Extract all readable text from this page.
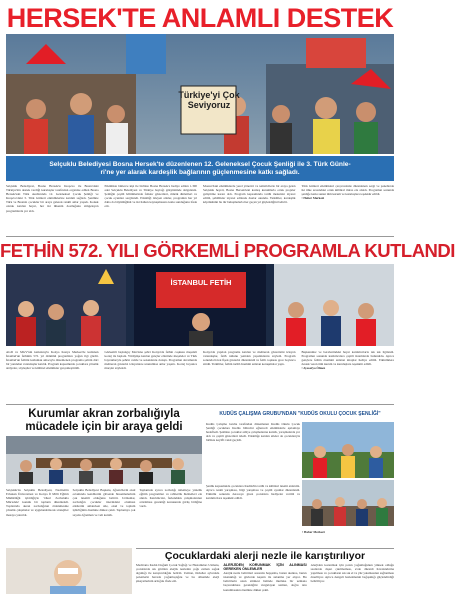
HERSEK'TE ANLAMLI DESTEK
Türkiye'yi Çok Seviyoruz
Selçuklu Belediyesi Bosna Hersek'te düzenlenen 12. Geleneksel Çocuk Şenliği ile 3. Türk Günle-
ri'ne yer alarak kardeşlik bağlarının güçlenmesine katkı sağladı.

Selçuklu Belediyesi, Bosna Hersek'te Kreşevo ile Bosna'daki Türkiye'nin destek verdiği kuruluşlar tarafından organize edilen Bosna Hersek'teki Türk okullarında 12. Geleneksel Çocuk Şenliği ve Kreşevo'daki 3. Türk Günleri etkinliklerine katılım sağladı. Şenlikte Türk ve Bosnalı çocuklar bir araya gelerek renkli anlar yaşadı. Konuk olarak katılan heyet, her iki ülkenin dostluğunu simgeleyen programlarda yer aldı.

Etkinlikte binlerce kişi ile birlikte Bosna Hersek'e hediye edilen 1.300 adet Selçuklu Belediyesi ve Türkiye bayrağı gökyüzünde dalgalandı. Şenliğin çeşitli bölümlerinde folklor gösterileri, müzik dinletileri ve çocuk oyunları sergilendi. Etkinliği izleyen aileler, programın her yıl daha da büyüdüğünü ve iki halkın kaynaşmasına katkı sunduğunu ifade etti.

Mostar'daki etkinliklerde yerel yönetici ve temsilcilerle bir araya gelen Selçuklu heyeti, Bosna Hersek'teki kardeş kurumlarla ortak projeler geliştirme kararı aldı. Program kapsamında tarihi mekanlar ziyaret edildi, şehitlikler ziyaret edilerek dualar okundu. Yetkililer, kardeşlik köprüsünün bu tür buluşmalarla her geçen yıl güçlendiğini belirtti.

Türk Günleri etkinlikleri çerçevesinde düzenlenen sergi ve panellerde iki ülke arasındaki ortak kültürel miras ele alındı. Programın sonunda şenliğe katkı sunan tüm kurum ve kuruluşlara teşekkür edildi.

• Haber Merkezi

FETHİN 572. YILI GÖRKEMLİ PROGRAMLA KUTLANDI
İSTANBUL FETİH

AGD ve MGV'nin katkılarıyla Konya Konya Merkez'de kutlanan İstanbul'un fethinin 572. yıl dönümü programları yoğun ilgi gördü. İstanbul'un fethini kutlamak amacıyla düzenlenen programa şehrin dört bir yanından vatandaşlar katıldı. Program kapsamında çocuklara yönelik atölyeler, söyleşiler ve kültürel etkinlikler gerçekleştirildi.

Görkemli başlangıç Mevlana şehri Konya'da fethin coşkusu meşaleli kortej ile başladı. Yürüyüşe katılan gençler ellerinde meşaleler ve Türk bayraklarıyla şehrin cadde ve sokaklarını dolaştı. Programın devamında mehteran gösterisi izleyenlere unutulmaz anlar yaşattı. Kortej boyunca marşlar söylendi.

Konya'da yapılan programa katılan ve mehteran gösterisini izleyen vatandaşlar, fetih ruhunu yeniden yaşadıklarını söyledi. Program sonunda havai fişek gösterisi düzenlendi ve fetih coşkusu gece boyunca sürdü. Yetkililer, fethin tarihî önemini anlatan konuşmalar yaptı.

Başkanımız ve beraberindeki heyet katılımcılarla tek tek ilgilendi. Programın sonunda katılımcılara çeşitli ikramlarda bulunuldu. Ayrıca gençlere fethin önemini anlatan kitaplar hediye edildi. Etkinliklere destek veren tüm kurum ve kuruluşlara teşekkür edildi.

• Ayasofya Ölmez

Kurumlar akran zorbalığıyla
mücadele için bir araya geldi

Selçuklu'da Selçuklu Belediyesi, Necmettin Erbakan Üniversitesi ve Konya İl Milli Eğitim Müdürlüğü işbirliğiyle 'Okul Zorbalıkla Mücadele' konulu bir toplantı düzenlendi. Toplantıda akran zorbalığının önlenmesine yönelik çalışmalar ve uygulanabilecek stratejiler masaya yatırıldı.

Selçuklu Belediyesi Başkanı, öğrencilerin okul ortamında kendilerini güvende hissetmelerinin çok önemli olduğunu belirtti. Uzmanlar, zorbalığın çocuklar üzerindeki olumsuz etkilerini anlatırken aile, okul ve toplum işbirliğinin önemine dikkat çekti. Toplantıya çok sayıda öğretmen ve veli katıldı.

Toplantıda ayrıca zorbalığı önlemeye yönelik eğitim programları ve rehberlik hizmetleri ele alındı. Katılımcılar, farkındalık çalışmalarının artırılması gerektiği konusunda görüş birliğine vardı.

KUDÜS ÇALIŞMA GRUBU'NDAN "KUDÜS OKULU ÇOCUK ŞENLİĞİ"

Kudüs Çalışma Grubu tarafından düzenlenen Kudüs Okulu Çocuk Şenliği çocuklara Kudüs bilincini eğlenceli etkinliklerle aşılamayı hedefledi. Şenlikte çocuklar atölye çalışmalarına katıldı, yarışmalarda yer aldı ve çeşitli gösterileri izledi. Etkinliğe katılan aileler de çocuklarıyla birlikte keyifli vakit geçirdi.

Şenlik kapsamında çocuklara Kudüs'ün tarihi ve kültürel önemi anlatıldı. Ayrıca resim yarışması, bilgi yarışması ve çeşitli oyunlar düzenlendi. Etkinlik sonunda dereceye giren çocuklara hediyeler verildi ve katılımcılara teşekkür edildi.

• Haber Merkezi
Çocuklardaki alerji nezle ile karıştırılıyor

Medicana Kadın Doğum Çocuk Sağlığı ve Hastalıkları Uzmanı, çocuklarda sık görülen alerjik nezlenin çoğu zaman soğuk algınlığı ile karıştırıldığını belirtti. Uzman, ilkbahar aylarında polenlerin havada yoğunlaştığını ve bu dönemde alerji şikayetlerinin arttığını ifade etti.

ALERJİDEN KORUNMAK İÇİN ALINMASI GEREKEN ÖNLEMLER

Alerjik nezle belirtileri arasında hapşırma, burun akıntısı, burun tıkanıklığı ve gözlerde kaşıntı ile sulanma yer alıyor. Bu belirtilerin uzun sürmesi halinde mutlaka bir uzmana başvurulması gerektiğini vurgulayan uzman, doğru tanı konulmasının önemine dikkat çekti.

Alerjiden korunmak için polen yoğunluğunun yüksek olduğu saatlerde dışarı çıkılmaması, evde düzenli havalandırma yapılması ve çocukların sık sık el ve yüz yıkamasının sağlanması öneriliyor. Ayrıca dengeli beslenmenin bağışıklığı güçlendirdiği belirtiliyor.
